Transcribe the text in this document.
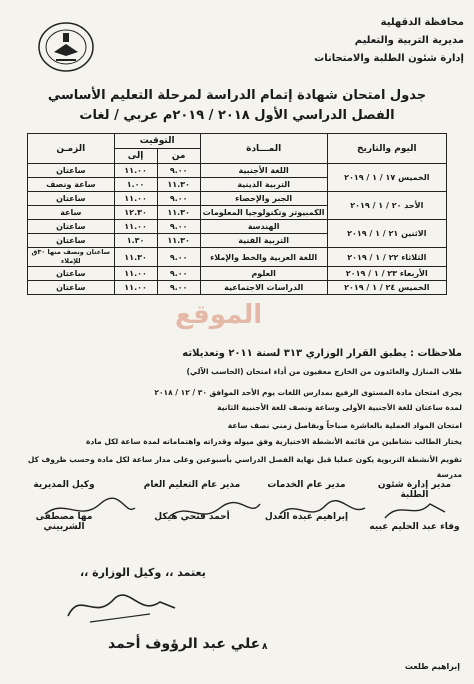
محافظة الدقهلية
مديرية التربية والتعليم
إدارة شئون الطلبة والامتحانات
جدول امتحان شهادة إتمام الدراسة لمرحلة التعليم الأساسي
الفصل الدراسي الأول ٢٠١٨ / ٢٠١٩م عربي / لغات
اليوم والتاريخ	المـــادة	التوقيت		الزمـن
		من	إلى	
الخميس ١٧ / ١ / ٢٠١٩	اللغة الأجنبية	٩.٠٠	١١.٠٠	ساعتان
	التربية الدينية	١١.٣٠	١.٠٠	ساعة ونصف
الأحد ٢٠ / ١ / ٢٠١٩	الجبر والإحصاء	٩.٠٠	١١.٠٠	ساعتان
	الكمبيوتر وتكنولوجيا المعلومات	١١.٣٠	١٢.٣٠	ساعة
الاثنين ٢١ / ١ / ٢٠١٩	الهندسة	٩.٠٠	١١.٠٠	ساعتان
	التربية الفنية	١١.٣٠	١.٣٠	ساعتان
الثلاثاء ٢٢ / ١ / ٢٠١٩	اللغة العربية والخط والإملاء	٩.٠٠	١١.٣٠	ساعتان ونصف منها ٣٠ق للإملاء
الأربعاء ٢٣ / ١ / ٢٠١٩	العلوم	٩.٠٠	١١.٠٠	ساعتان
الخميس ٢٤ / ١ / ٢٠١٩	الدراسات الاجتماعية	٩.٠٠	١١.٠٠	ساعتان
الموقع
ملاحظات : يطبق القرار الوزاري ٣١٣ لسنة ٢٠١١ وتعديلاته
طلاب المنازل والعائدون من الخارج معفيون من أداء امتحان (الحاسب الآلي)
يجرى امتحان مادة المستوى الرفيع بمدارس اللغات يوم الأحد الموافق ٣٠ / ١٢ / ٢٠١٨
لمدة ساعتان للغة الأجنبية الأولى وساعة ونصف للغة الأجنبية الثانية
امتحان المواد العملية بالعاشرة صباحاً وبفاصل زمني نصف ساعة
يختار الطالب نشاطين من قائمة الأنشطة الاختيارية وفق ميوله وقدراته واهتماماته لمدة ساعة لكل مادة
تقويم الأنشطة التربوية يكون عمليا قبل نهاية الفصل الدراسي بأسبوعين وعلى مدار ساعة لكل مادة وحسب ظروف كل مدرسة
مدير إدارة شئون الطلبة
وفاء عبد الحليم عبيه
مدير عام الخدمات
إبراهيم عبده العدل
مدير عام التعليم العام
أحمد فتحي هيكل
وكيل المديرية
مها مصطفى الشربيني
يعتمد ،، وكيل الوزارة ،،
علي عبد الرؤوف أحمد ٨
إبراهيم طلعت
